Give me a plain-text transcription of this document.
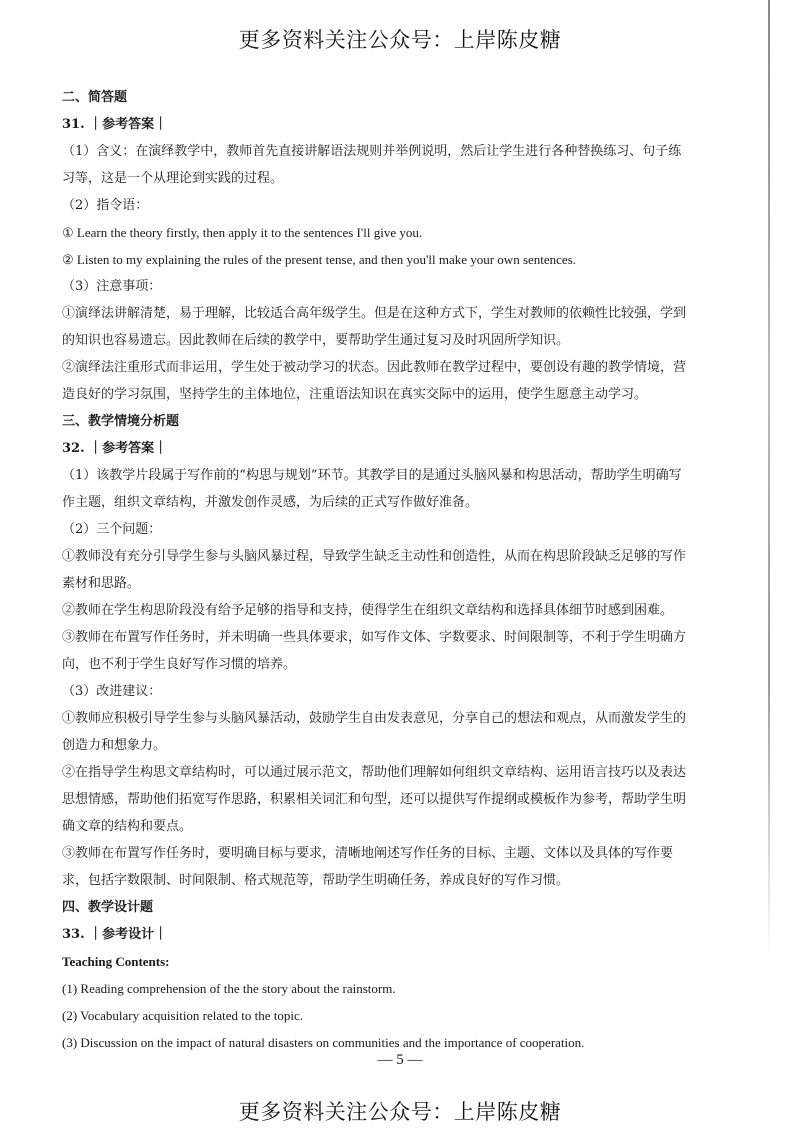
更多资料关注公众号：上岸陈皮糖

二、简答题

31. ｜参考答案｜

（1）含义：在演绎教学中，教师首先直接讲解语法规则并举例说明，然后让学生进行各种替换练习、句子练习等，这是一个从理论到实践的过程。

（2）指令语：

① Learn the theory firstly, then apply it to the sentences I'll give you.

② Listen to my explaining the rules of the present tense, and then you'll make your own sentences.

（3）注意事项：

①演绎法讲解清楚，易于理解，比较适合高年级学生。但是在这种方式下，学生对教师的依赖性比较强，学到的知识也容易遗忘。因此教师在后续的教学中，要帮助学生通过复习及时巩固所学知识。

②演绎法注重形式而非运用，学生处于被动学习的状态。因此教师在教学过程中，要创设有趣的教学情境，营造良好的学习氛围，坚持学生的主体地位，注重语法知识在真实交际中的运用，使学生愿意主动学习。

三、教学情境分析题

32. ｜参考答案｜

（1）该教学片段属于写作前的“构思与规划”环节。其教学目的是通过头脑风暴和构思活动，帮助学生明确写作主题，组织文章结构，并激发创作灵感，为后续的正式写作做好准备。

（2）三个问题：

①教师没有充分引导学生参与头脑风暴过程，导致学生缺乏主动性和创造性，从而在构思阶段缺乏足够的写作素材和思路。

②教师在学生构思阶段没有给予足够的指导和支持，使得学生在组织文章结构和选择具体细节时感到困难。

③教师在布置写作任务时，并未明确一些具体要求，如写作文体、字数要求、时间限制等，不利于学生明确方向，也不利于学生良好写作习惯的培养。

（3）改进建议：

①教师应积极引导学生参与头脑风暴活动，鼓励学生自由发表意见，分享自己的想法和观点，从而激发学生的创造力和想象力。

②在指导学生构思文章结构时，可以通过展示范文，帮助他们理解如何组织文章结构、运用语言技巧以及表达思想情感，帮助他们拓宽写作思路，积累相关词汇和句型，还可以提供写作提纲或模板作为参考，帮助学生明确文章的结构和要点。

③教师在布置写作任务时，要明确目标与要求，清晰地阐述写作任务的目标、主题、文体以及具体的写作要求，包括字数限制、时间限制、格式规范等，帮助学生明确任务，养成良好的写作习惯。

四、教学设计题

33. ｜参考设计｜

Teaching Contents:

(1) Reading comprehension of the the story about the rainstorm.

(2) Vocabulary acquisition related to the topic.

(3) Discussion on the impact of natural disasters on communities and the importance of cooperation.

— 5 —
更多资料关注公众号：上岸陈皮糖
